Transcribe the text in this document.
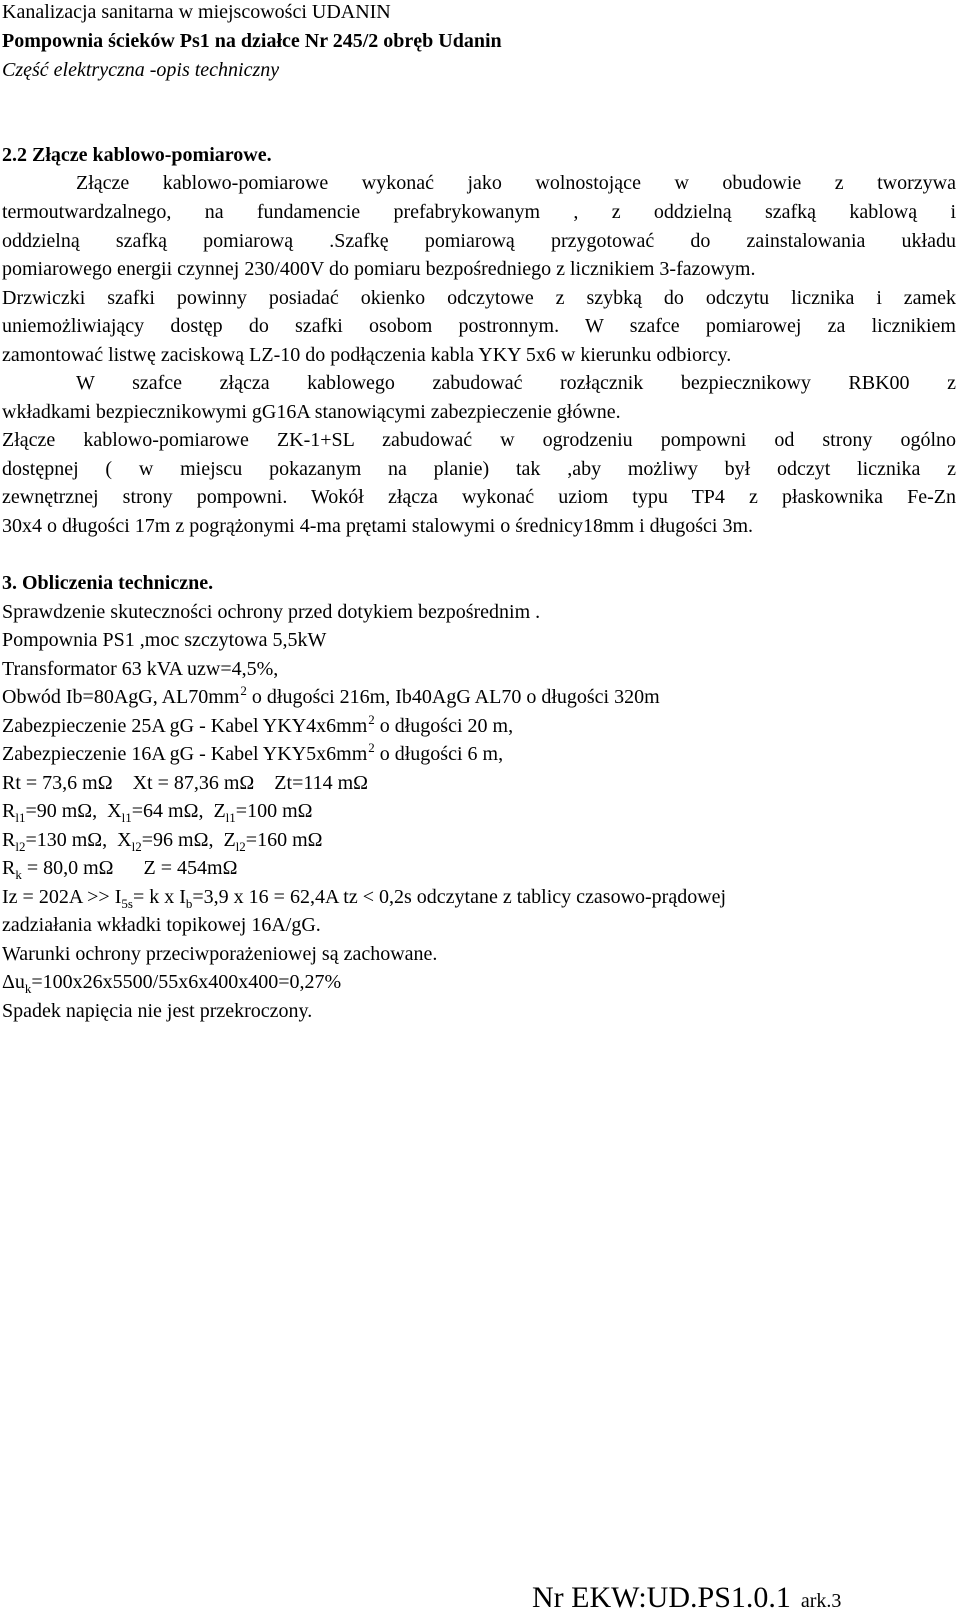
Kanalizacja sanitarna w miejscowości UDANIN
Pompownia ścieków Ps1 na działce Nr 245/2 obręb Udanin
Część elektryczna -opis techniczny
2.2 Złącze kablowo-pomiarowe.
Złącze kablowo-pomiarowe wykonać jako wolnostojące w obudowie z tworzywa
termoutwardzalnego, na fundamencie prefabrykowanym , z oddzielną szafką kablową i
oddzielną szafką pomiarową .Szafkę pomiarową przygotować do zainstalowania układu
pomiarowego energii czynnej 230/400V do pomiaru bezpośredniego z licznikiem 3-fazowym.
Drzwiczki szafki powinny posiadać okienko odczytowe z szybką do odczytu licznika i zamek
uniemożliwiający dostęp do szafki osobom postronnym. W szafce pomiarowej za licznikiem
zamontować listwę zaciskową LZ-10 do podłączenia kabla YKY 5x6 w kierunku odbiorcy.
W szafce złącza kablowego zabudować rozłącznik bezpiecznikowy RBK00 z
wkładkami bezpiecznikowymi gG16A stanowiącymi zabezpieczenie główne.
Złącze kablowo-pomiarowe ZK-1+SL zabudować w ogrodzeniu pompowni od strony ogólno
dostępnej ( w miejscu pokazanym na planie) tak ,aby możliwy był odczyt licznika z
zewnętrznej strony pompowni. Wokół złącza wykonać uziom typu TP4 z płaskownika Fe-Zn
30x4 o długości 17m z pogrążonymi 4-ma prętami stalowymi o średnicy18mm i długości 3m.
3. Obliczenia techniczne.
Sprawdzenie skuteczności ochrony przed dotykiem bezpośrednim .
Pompownia PS1 ,moc szczytowa 5,5kW
Transformator 63 kVA uzw=4,5%,
Obwód Ib=80AgG, $AL70mm^2$ o długości 216m, Ib40AgG AL70 o długości 320m
Zabezpieczenie 25A gG - Kabel $YKY4x6mm^2$ o długości 20 m,
Zabezpieczenie 16A gG - Kabel $YKY5x6mm^2$ o długości 6 m,
Rt = 73,6 mΩ    Xt = 87,36 mΩ    Zt=114 mΩ
$R_{l1}=90$ mΩ,  $X_{l1}=64$ mΩ,  $Z_{l1}=100$ mΩ
$R_{l2}=130$ mΩ,  $X_{l2}=96$ mΩ,  $Z_{l2}=160$ mΩ
$R_k = 80,0$ mΩ      Z = 454mΩ
$Iz = 202A >> I_{5s}= k$ x $I_b=3,9$ x 16 = 62,4A tz < 0,2s odczytane z tablicy czasowo-prądowej
zadziałania wkładki topikowej 16A/gG.
Warunki ochrony przeciwporażeniowej są zachowane.
$\Delta u_k=100x26x5500/55x6x400x400=0,27\%$
Spadek napięcia nie jest przekroczony.
Nr EKW:UD.PS1.0.1 ark.3
